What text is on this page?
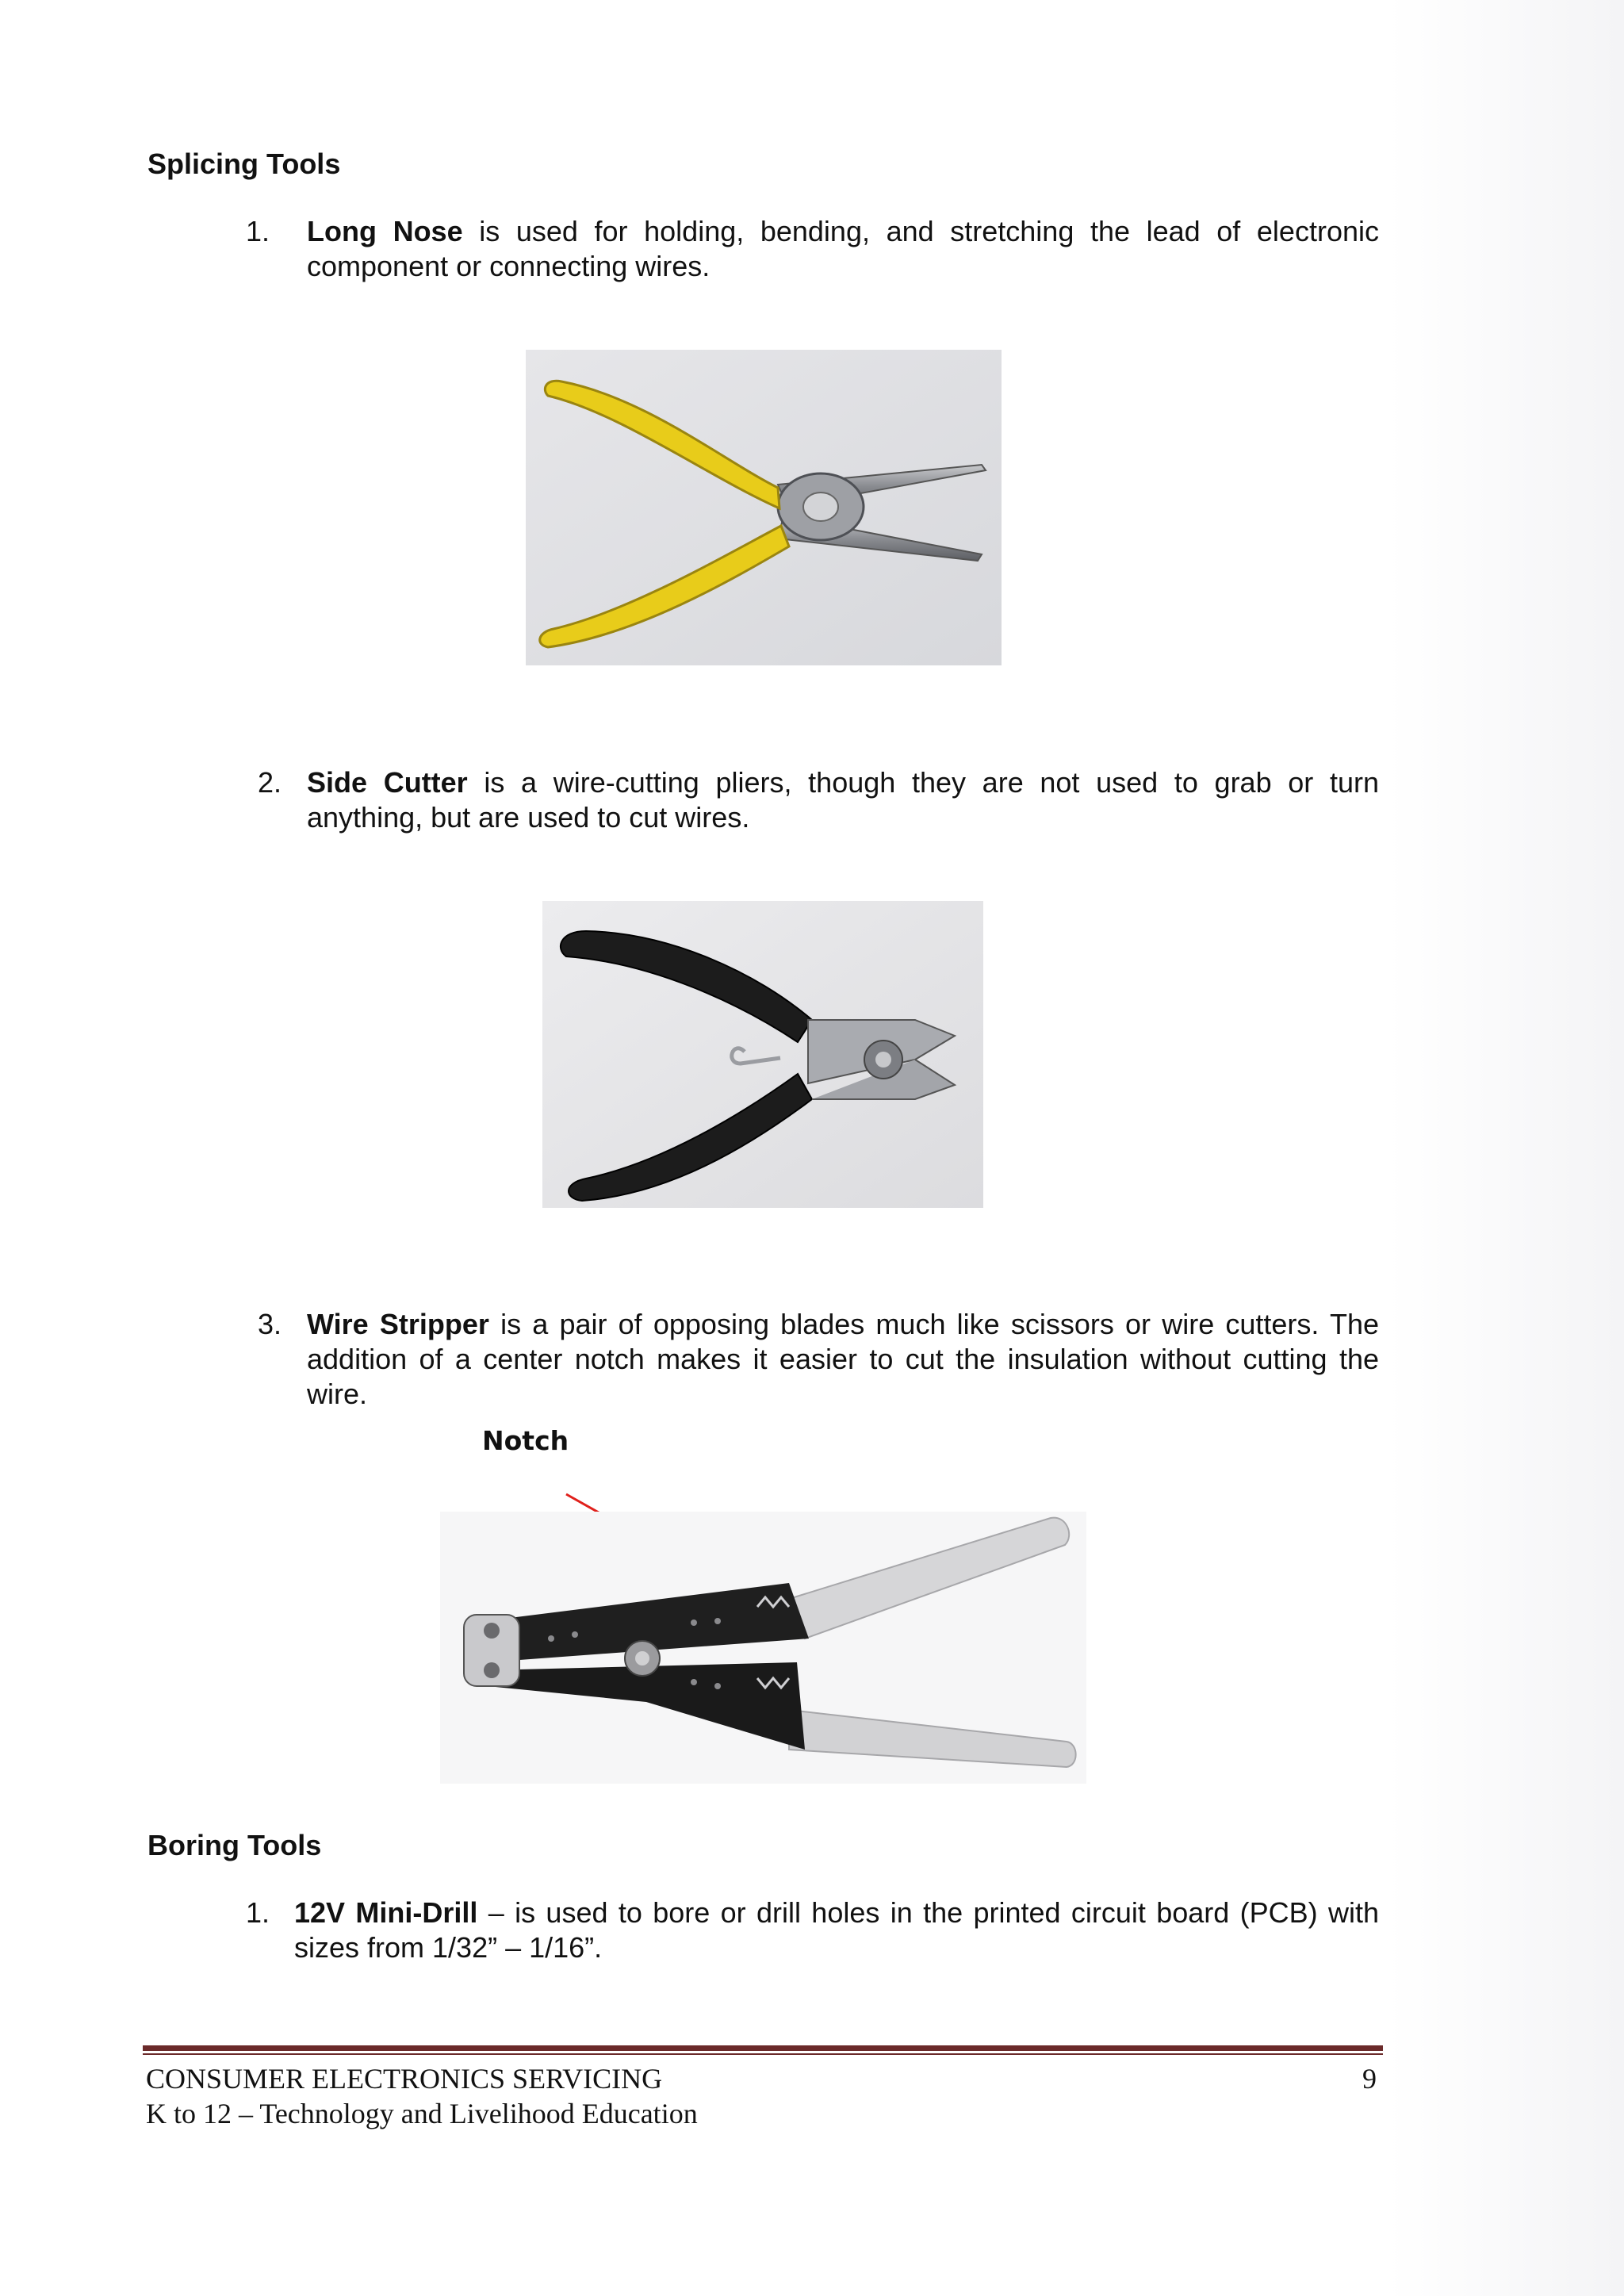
Splicing Tools
1. Long Nose is used for holding, bending, and stretching the lead of electronic component or connecting wires.
2. Side Cutter is a wire-cutting pliers, though they are not used to grab or turn anything, but are used to cut wires.
3. Wire Stripper is a pair of opposing blades much like scissors or wire cutters. The addition of a center notch makes it easier to cut the insulation without cutting the wire.
Notch
Boring Tools
1. 12V Mini-Drill – is used to bore or drill holes in the printed circuit board (PCB) with sizes from 1/32” – 1/16”.
CONSUMER ELECTRONICS SERVICING	9
K to 12 – Technology and Livelihood Education
